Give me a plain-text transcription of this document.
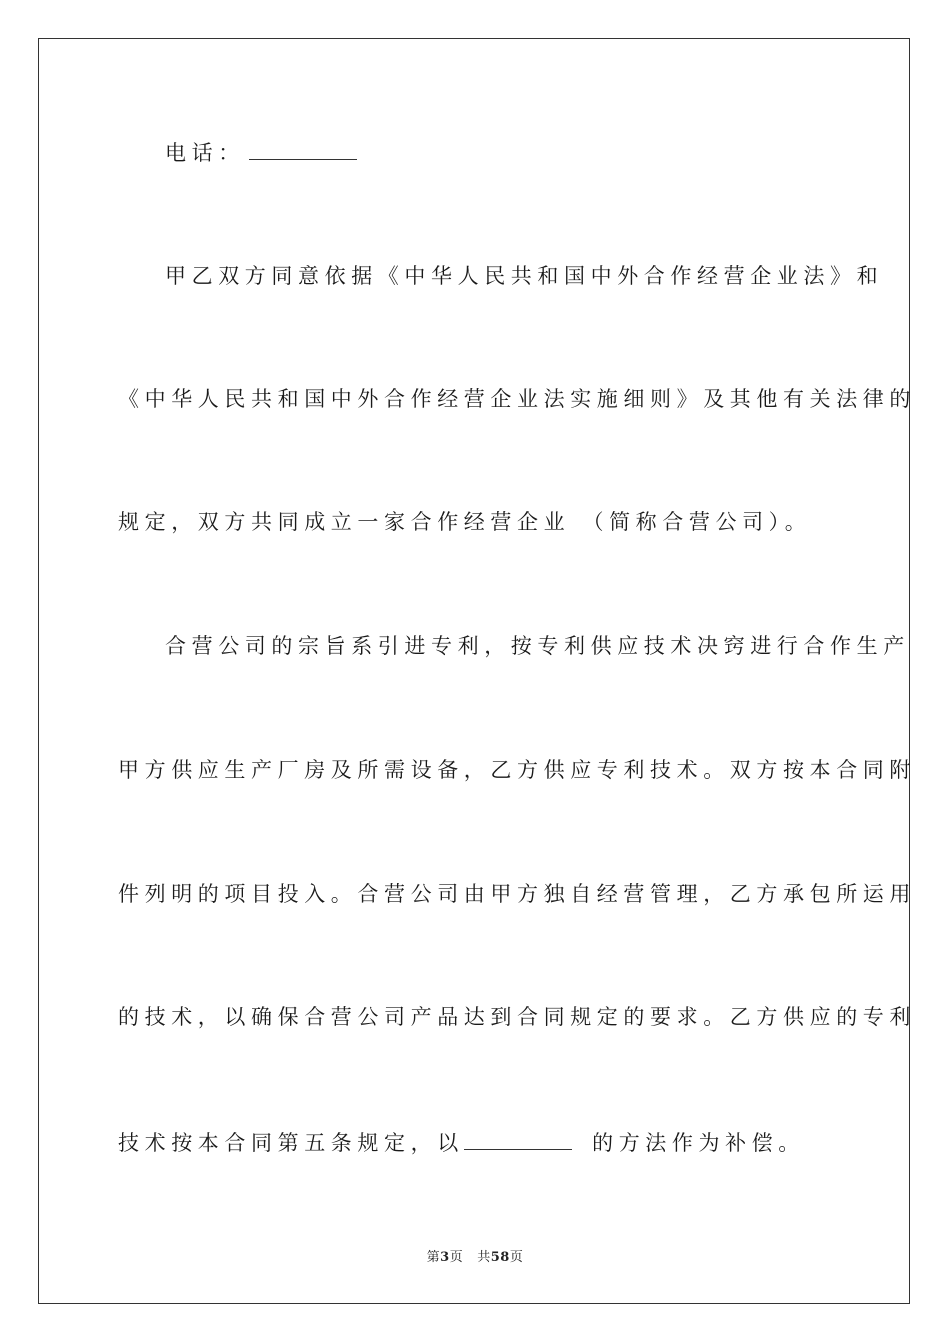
电话：
甲乙双方同意依据《中华人民共和国中外合作经营企业法》和
《中华人民共和国中外合作经营企业法实施细则》及其他有关法律的
规定，双方共同成立一家合作经营企业 （简称合营公司）。
合营公司的宗旨系引进专利，按专利供应技术决窍进行合作生产
甲方供应生产厂房及所需设备，乙方供应专利技术。双方按本合同附
件列明的项目投入。合营公司由甲方独自经营管理，乙方承包所运用
的技术，以确保合营公司产品达到合同规定的要求。乙方供应的专利
技术按本合同第五条规定，以	的方法作为补偿。
第3页 共58页
